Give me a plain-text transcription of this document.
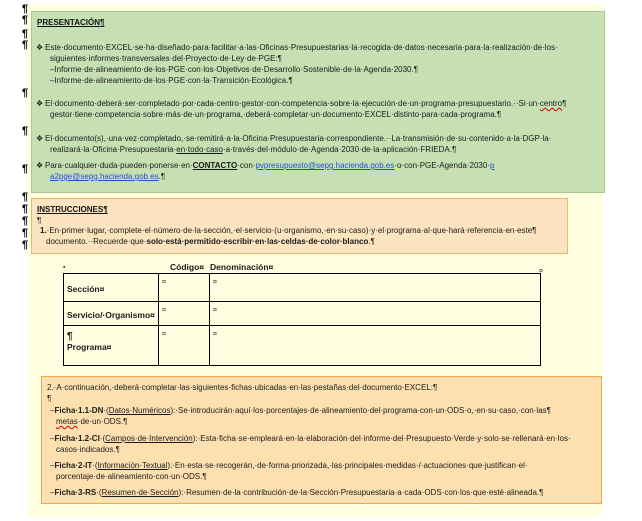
¶
¶
¶
¶
¶
¶
¶
¶
¶
¶
¶
¶
PRESENTACIÓN¶
❖ Este·documento·EXCEL·se·ha·diseñado·para·facilitar·a·las·Oficinas·Presupuestarias·la·recogida·de·datos·necesaria·para·la·realización·de·los·
siguientes·informes·transversales·del·Proyecto·de·Ley·de·PGE:¶
–Informe·de·alineamiento·de·los·PGE·con·los·Objetivos·de·Desarrollo·Sostenible·de·la·Agenda·2030.¶
–Informe·de·alineamiento·de·los·PGE·con·la·Transición·Ecológica.¶
❖ El·documento·deberá·ser·completado·por·cada·centro·gestor·con·competencia·sobre·la·ejecución·de·un·programa·presupuestario.··Si·un·centro¶
gestor·tiene·competencia·sobre·más·de·un·programa,·deberá·completar·un·documento·EXCEL·distinto·para·cada·programa.¶
❖ El·documento(s),·una·vez·completado,·se·remitirá·a·la·Oficina·Presupuestaria·correspondiente.··La·transmisión·de·su·contenido·a·la·DGP·la·
realizará·la·Oficina·Presupuestaria·en·todo·caso·a·través·del·módulo·de·Agenda·2030·de·la·aplicación·FRIEDA.¶
❖ Para·cualquier·duda·pueden·ponerse·en·CONTACTO·con·pvpresupuesto@sepg.hacienda.gob.es·o·con·PGE-Agenda·2030·p
a2pge@sepg.hacienda.gob.es.¶
INSTRUCCIONES¶
¶
1.·En·primer·lugar,·complete·el·número·de·la·sección,·el·servicio·(u·organismo,·en·su·caso)·y·el·programa·al·que·hará·referencia·en·este¶
documento.··Recuerde·que·solo·está·permitido·escribir·en·las·celdas·de·color·blanco.¶
▪	Código¤ Denominación¤	¤
Sección¤	¤	¤

Servicio/·Organismo¤	¤	¤

¶
Programa¤	¤	¤
2.·A·continuación,·deberá·completar·las·siguientes·fichas·ubicadas·en·las·pestañas·del·documento·EXCEL:¶
¶
–Ficha·1.1-DN·(Datos·Numéricos):·Se·introducirán·aquí·los·porcentajes·de·alineamiento·del·programa·con·un·ODS·o,·en·su·caso,·con·las¶
metas·de·un·ODS.¶
–Ficha·1.2-CI·(Campos·de·Intervención):·Esta·ficha·se·empleará·en·la·elaboración·del·informe·del·Presupuesto·Verde·y·solo·se·rellenará·en·los·
casos·indicados.¶
–Ficha·2-IT·(Información·Textual):·En·esta·se·recogerán,·de·forma·priorizada,·las·principales·medidas·/·actuaciones·que·justifican·el·
porcentaje·de·alineamiento·con·un·ODS.¶
–Ficha·3-RS·(Resumen·de·Sección):·Resumen·de·la·contribución·de·la·Sección·Presupuestaria·a·cada·ODS·con·los·que·esté·alineada.¶
